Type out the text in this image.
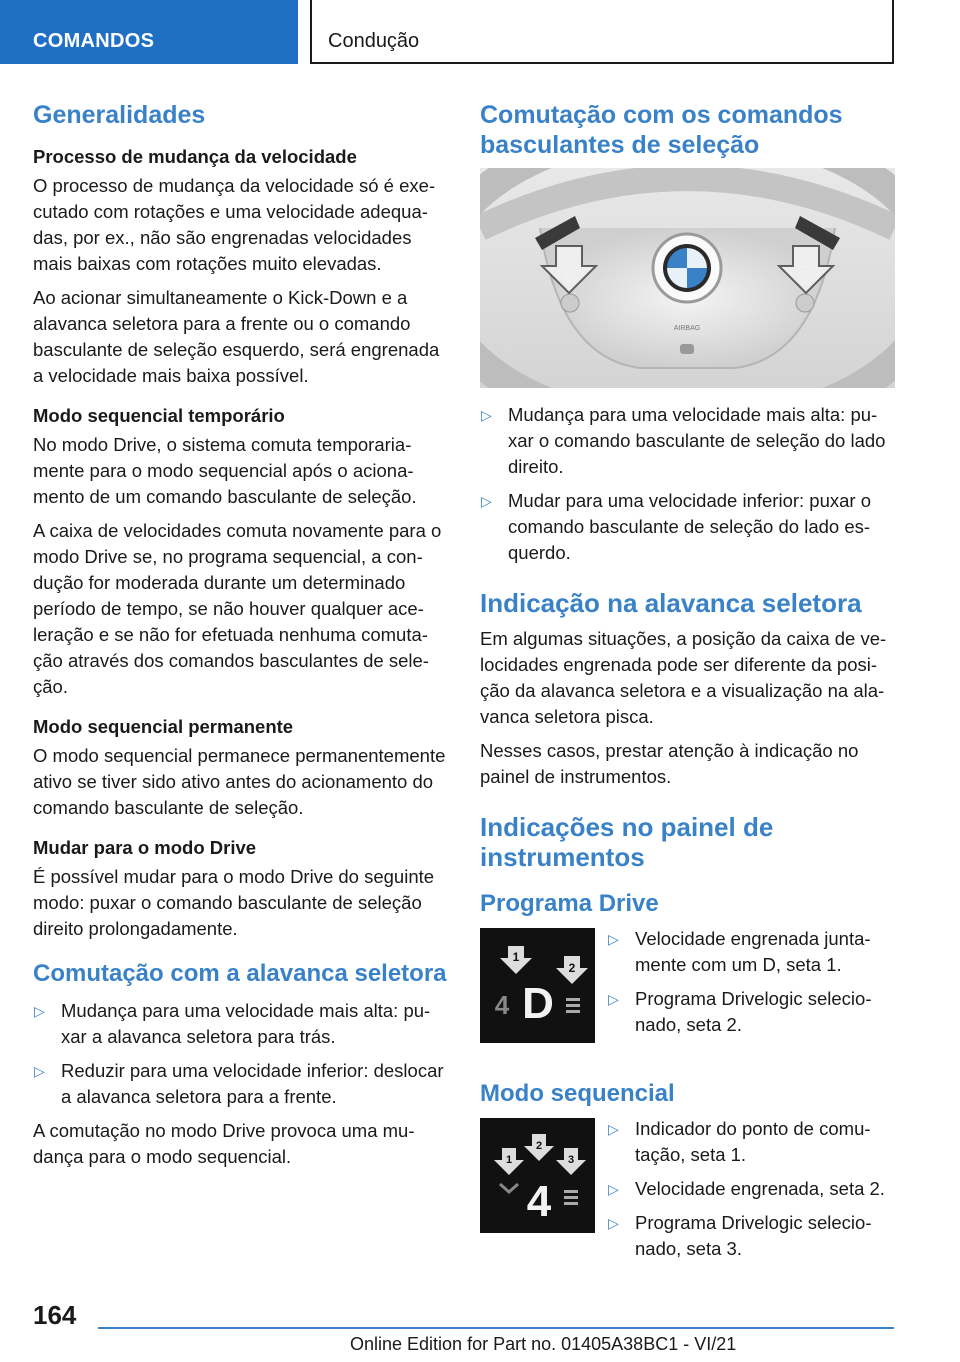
COMANDOS	Condução
Generalidades
Processo de mudança da velocidade

O processo de mudança da velocidade só é executado com rotações e uma velocidade adequadas, por ex., não são engrenadas velocidades mais baixas com rotações muito elevadas.

Ao acionar simultaneamente o Kick-Down e a alavanca seletora para a frente ou o comando basculante de seleção esquerdo, será engrenada a velocidade mais baixa possível.

Modo sequencial temporário

No modo Drive, o sistema comuta temporariamente para o modo sequencial após o acionamento de um comando basculante de seleção.

A caixa de velocidades comuta novamente para o modo Drive se, no programa sequencial, a condução for moderada durante um determinado período de tempo, se não houver qualquer aceleração e se não for efetuada nenhuma comutação através dos comandos basculantes de seleção.

Modo sequencial permanente

O modo sequencial permanece permanentemente ativo se tiver sido ativo antes do acionamento do comando basculante de seleção.

Mudar para o modo Drive

É possível mudar para o modo Drive do seguinte modo: puxar o comando basculante de seleção direito prolongadamente.

Comutação com a alavanca seletora
▷ Mudança para uma velocidade mais alta: puxar a alavanca seletora para trás.
▷ Reduzir para uma velocidade inferior: deslocar a alavanca seletora para a frente.

A comutação no modo Drive provoca uma mudança para o modo sequencial.

Comutação com os comandos basculantes de seleção
AIRBAG
▷ Mudança para uma velocidade mais alta: puxar o comando basculante de seleção do lado direito.
▷ Mudar para uma velocidade inferior: puxar o comando basculante de seleção do lado esquerdo.
Indicação na alavanca seletora

Em algumas situações, a posição da caixa de velocidades engrenada pode ser diferente da posição da alavanca seletora e a visualização na alavanca seletora pisca.

Nesses casos, prestar atenção à indicação no painel de instrumentos.

Indicações no painel de instrumentos
Programa Drive
1
2
4 D
▷ Velocidade engrenada juntamente com um D, seta 1.
▷ Programa Drivelogic selecionado, seta 2.
Modo sequencial
1
2
3
4
▷ Indicador do ponto de comutação, seta 1.
▷ Velocidade engrenada, seta 2.
▷ Programa Drivelogic selecionado, seta 3.
164
Online Edition for Part no. 01405A38BC1 - VI/21
